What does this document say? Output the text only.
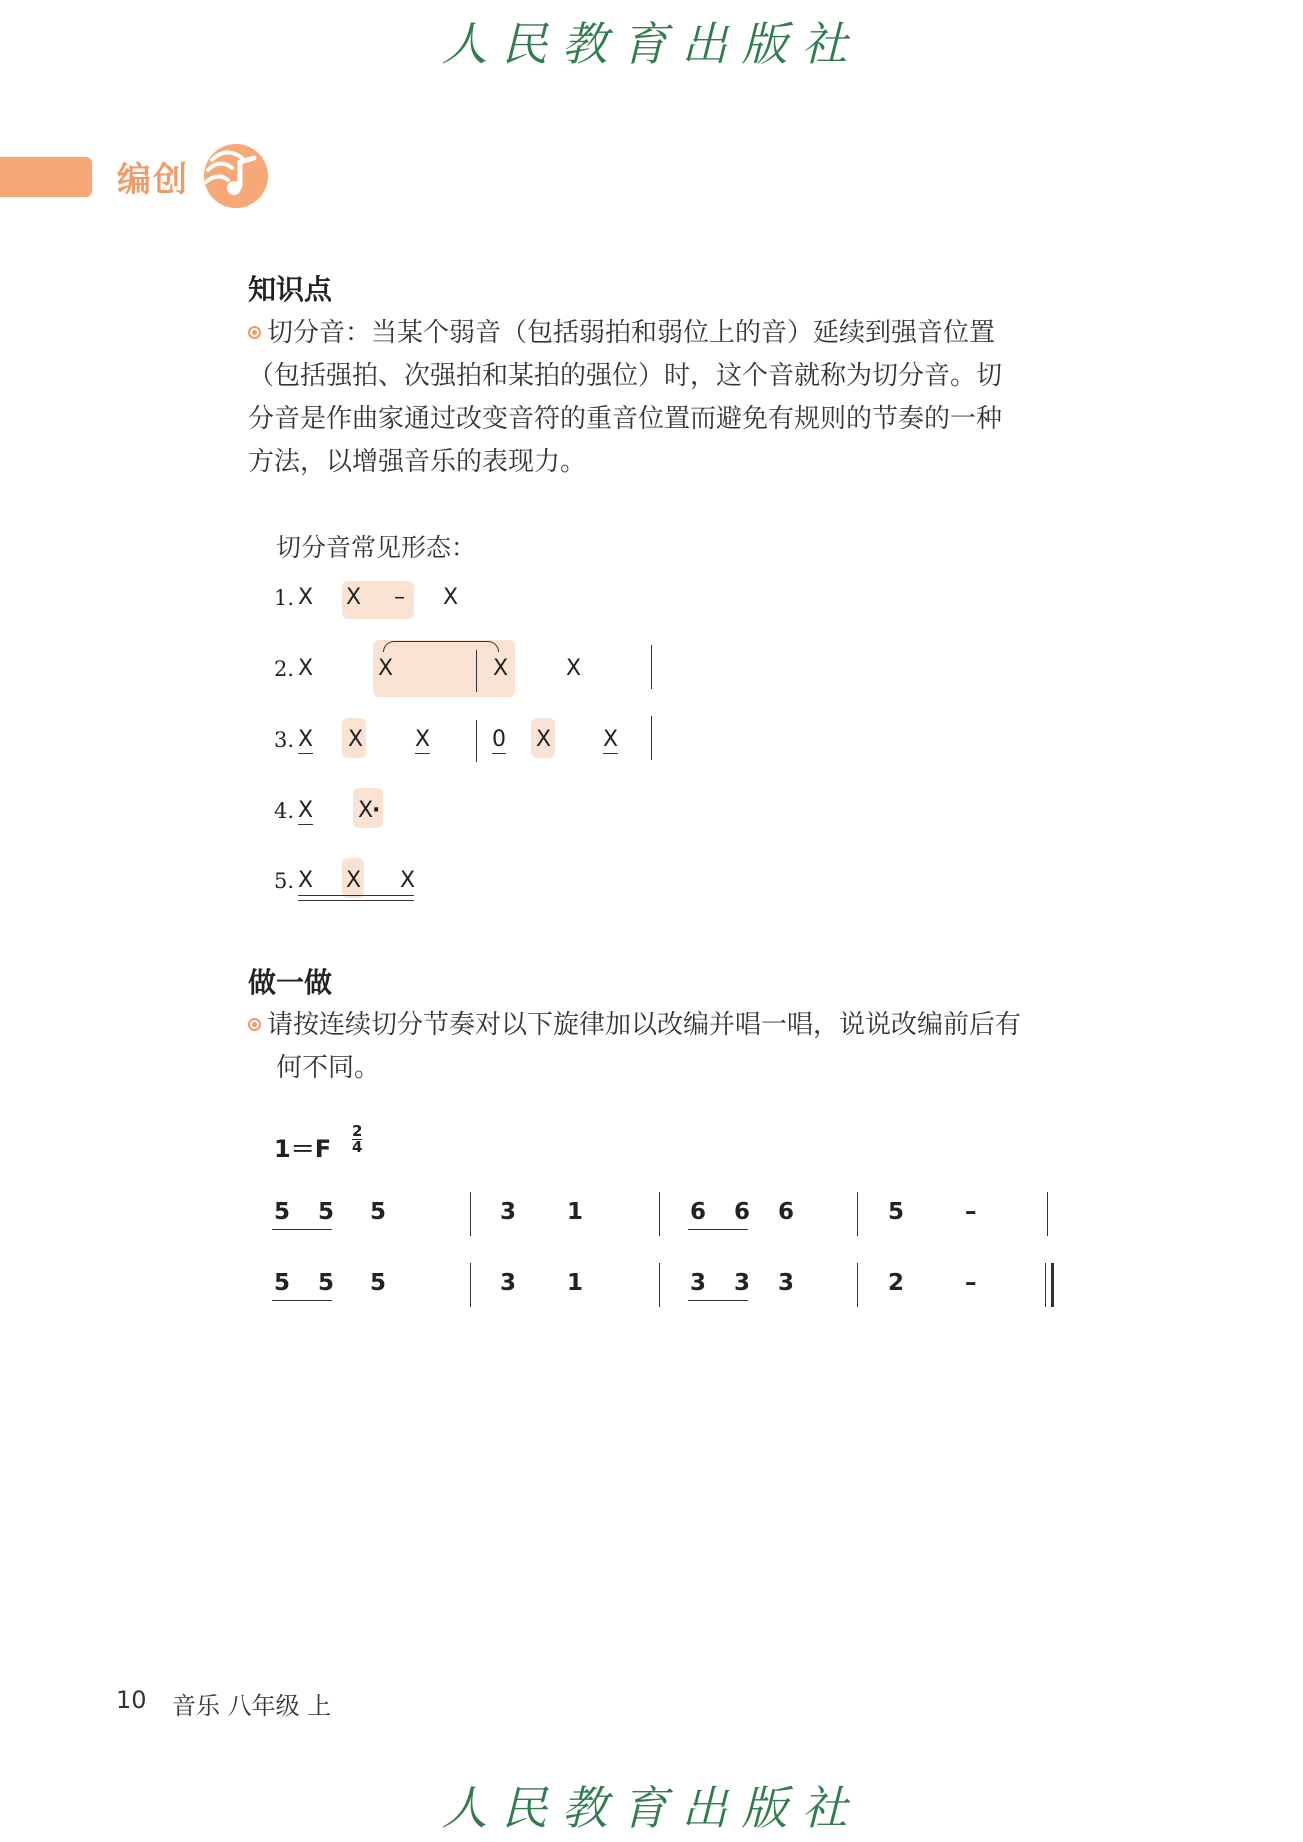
人民教育出版社
编创
知识点
切分音：当某个弱音（包括弱拍和弱位上的音）延续到强音位置（包括强拍、次强拍和某拍的强位）时，这个音就称为切分音。切分音是作曲家通过改变音符的重音位置而避免有规则的节奏的一种方法，以增强音乐的表现力。
切分音常见形态：
1. X X – X
2. X	X	X	X
3. X X X	0 X X
4. X X
·
5. X X X
做一做
请按连续切分节奏对以下旋律加以改编并唱一唱，说说改编前后有何不同。
1＝F
2
4
5 5 5	3 1	6 6 6	5	–
5 5 5	3 1	3 3 3	2	–
10 音乐 八年级 上
人民教育出版社
